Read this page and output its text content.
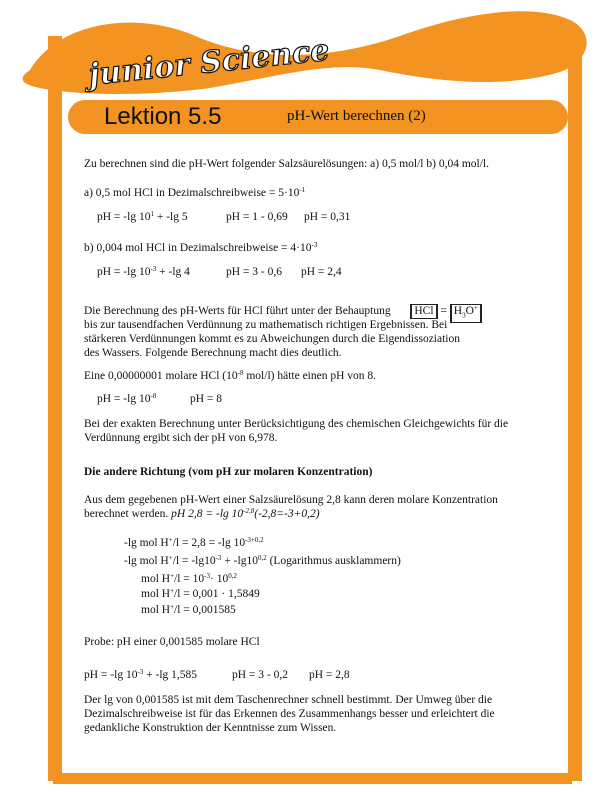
junior Science
Lektion 5.5	pH-Wert berechnen (2)
Zu berechnen sind die pH-Wert folgender Salzsäurelösungen: a) 0,5 mol/l b) 0,04 mol/l.
a) 0,5 mol HCl in Dezimalschreibweise = $5\cdot 10^{-1}$
pH = -lg $10^1 + -\lg$ 5	pH = 1 - 0,69 pH = 0,31
b) 0,004 mol HCl in Dezimalschreibweise = $4\cdot 10^{-3}$
pH = -lg $10^{-3} + -\lg$ 4	pH = 3 - 0,6 pH = 2,4
Die Berechnung des pH-Werts für HCl führt unter der Behauptung HCl = $H_3O^+$
bis zur tausendfachen Verdünnung zu mathematisch richtigen Ergebnissen. Bei
stärkeren Verdünnungen kommt es zu Abweichungen durch die Eigendissoziation
des Wassers. Folgende Berechnung macht dies deutlich.
Eine 0,00000001 molare HCl ($10^{-8}$ mol/l) hätte einen pH von 8.
pH = -lg $10^{-8}$	pH = 8
Bei der exakten Berechnung unter Berücksichtigung des chemischen Gleichgewichts für die
Verdünnung ergibt sich der pH von 6,978.
Die andere Richtung (vom pH zur molaren Konzentration)
Aus dem gegebenen pH-Wert einer Salzsäurelösung 2,8 kann deren molare Konzentration
berechnet werden. pH 2,8 = -lg $10^{-2,8}(-2,8=-3+0,2)$
-lg mol H+/l = 2,8 = -lg $10^{-3+0,2}$
-lg mol $H^+/l = -\lg 10^{-3} + -\lg 10^{0,2}$ (Logarithmus ausklammern)
mol $H^+/l = 10^{-3}\cdot 10^{0,2}$
mol H+/l = 0,001 · 1,5849
mol H+/l = 0,001585
Probe: pH einer 0,001585 molare HCl
pH = -lg $10^{-3} + -\lg$ 1,585	pH = 3 - 0,2 pH = 2,8
Der lg von 0,001585 ist mit dem Taschenrechner schnell bestimmt. Der Umweg über die
Dezimalschreibweise ist für das Erkennen des Zusammenhangs besser und erleichtert die
gedankliche Konstruktion der Kenntnisse zum Wissen.
